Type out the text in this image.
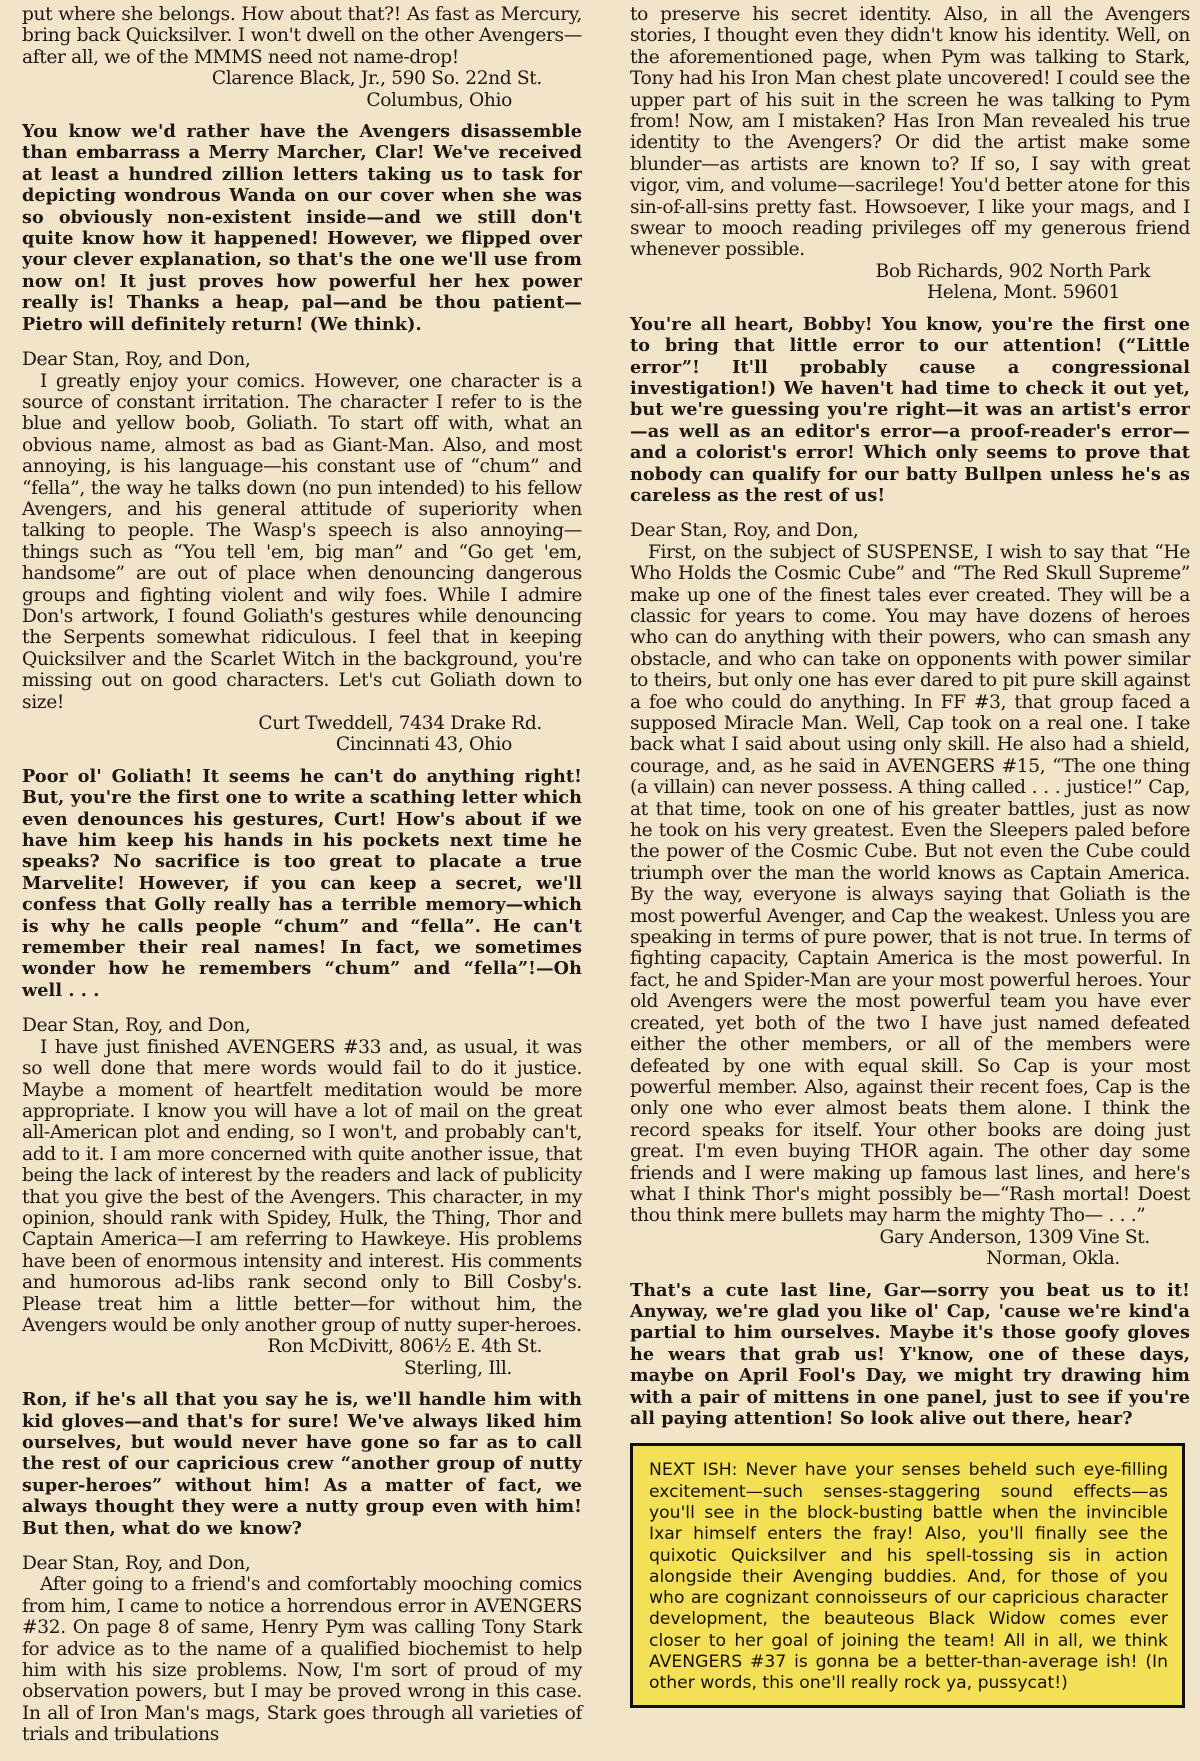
put where she belongs. How about that?! As fast as Mercury, bring back Quicksilver. I won't dwell on the other Avengers—after all, we of the MMMS need not name-drop!

Clarence Black, Jr., 590 So. 22nd St.
Columbus, Ohio
You know we'd rather have the Avengers disassemble than embarrass a Merry Marcher, Clar! We've received at least a hundred zillion letters taking us to task for depicting wondrous Wanda on our cover when she was so obviously non-existent inside—and we still don't quite know how it happened! However, we flipped over your clever explanation, so that's the one we'll use from now on! It just proves how powerful her hex power really is! Thanks a heap, pal—and be thou patient—Pietro will definitely return! (We think).
Dear Stan, Roy, and Don,

I greatly enjoy your comics. However, one character is a source of constant irritation. The character I refer to is the blue and yellow boob, Goliath. To start off with, what an obvious name, almost as bad as Giant-Man. Also, and most annoying, is his language—his constant use of “chum” and “fella”, the way he talks down (no pun intended) to his fellow Avengers, and his general attitude of superiority when talking to people. The Wasp's speech is also annoying—things such as “You tell 'em, big man” and “Go get 'em, handsome” are out of place when denouncing dangerous groups and fighting violent and wily foes. While I admire Don's artwork, I found Goliath's gestures while denouncing the Serpents somewhat ridiculous. I feel that in keeping Quicksilver and the Scarlet Witch in the background, you're missing out on good characters. Let's cut Goliath down to size!

Curt Tweddell, 7434 Drake Rd.
Cincinnati 43, Ohio
Poor ol' Goliath! It seems he can't do anything right! But, you're the first one to write a scathing letter which even denounces his gestures, Curt! How's about if we have him keep his hands in his pockets next time he speaks? No sacrifice is too great to placate a true Marvelite! However, if you can keep a secret, we'll confess that Golly really has a terrible memory—which is why he calls people “chum” and “fella”. He can't remember their real names! In fact, we sometimes wonder how he remembers “chum” and “fella”!—Oh well . . .
Dear Stan, Roy, and Don,

I have just finished AVENGERS #33 and, as usual, it was so well done that mere words would fail to do it justice. Maybe a moment of heartfelt meditation would be more appropriate. I know you will have a lot of mail on the great all-American plot and ending, so I won't, and probably can't, add to it. I am more concerned with quite another issue, that being the lack of interest by the readers and lack of publicity that you give the best of the Avengers. This character, in my opinion, should rank with Spidey, Hulk, the Thing, Thor and Captain America—I am referring to Hawkeye. His problems have been of enormous intensity and interest. His comments and humorous ad-libs rank second only to Bill Cosby's. Please treat him a little better—for without him, the Avengers would be only another group of nutty super-heroes.

Ron McDivitt, 806½ E. 4th St.
Sterling, Ill.
Ron, if he's all that you say he is, we'll handle him with kid gloves—and that's for sure! We've always liked him ourselves, but would never have gone so far as to call the rest of our capricious crew “another group of nutty super-heroes” without him! As a matter of fact, we always thought they were a nutty group even with him! But then, what do we know?
Dear Stan, Roy, and Don,

After going to a friend's and comfortably mooching comics from him, I came to notice a horrendous error in AVENGERS #32. On page 8 of same, Henry Pym was calling Tony Stark for advice as to the name of a qualified biochemist to help him with his size problems. Now, I'm sort of proud of my observation powers, but I may be proved wrong in this case. In all of Iron Man's mags, Stark goes through all varieties of trials and tribulations

to preserve his secret identity. Also, in all the Avengers stories, I thought even they didn't know his identity. Well, on the aforementioned page, when Pym was talking to Stark, Tony had his Iron Man chest plate uncovered! I could see the upper part of his suit in the screen he was talking to Pym from! Now, am I mistaken? Has Iron Man revealed his true identity to the Avengers? Or did the artist make some blunder—as artists are known to? If so, I say with great vigor, vim, and volume—sacrilege! You'd better atone for this sin-of-all-sins pretty fast. Howsoever, I like your mags, and I swear to mooch reading privileges off my generous friend whenever possible.

Bob Richards, 902 North Park
Helena, Mont. 59601
You're all heart, Bobby! You know, you're the first one to bring that little error to our attention! (“Little error”! It'll probably cause a congressional investigation!) We haven't had time to check it out yet, but we're guessing you're right—it was an artist's error—as well as an editor's error—a proof-reader's error—and a colorist's error! Which only seems to prove that nobody can qualify for our batty Bullpen unless he's as careless as the rest of us!
Dear Stan, Roy, and Don,

First, on the subject of SUSPENSE, I wish to say that “He Who Holds the Cosmic Cube” and “The Red Skull Supreme” make up one of the finest tales ever created. They will be a classic for years to come. You may have dozens of heroes who can do anything with their powers, who can smash any obstacle, and who can take on opponents with power similar to theirs, but only one has ever dared to pit pure skill against a foe who could do anything. In FF #3, that group faced a supposed Miracle Man. Well, Cap took on a real one. I take back what I said about using only skill. He also had a shield, courage, and, as he said in AVENGERS #15, “The one thing (a villain) can never possess. A thing called . . . justice!” Cap, at that time, took on one of his greater battles, just as now he took on his very greatest. Even the Sleepers paled before the power of the Cosmic Cube. But not even the Cube could triumph over the man the world knows as Captain America. By the way, everyone is always saying that Goliath is the most powerful Avenger, and Cap the weakest. Unless you are speaking in terms of pure power, that is not true. In terms of fighting capacity, Captain America is the most powerful. In fact, he and Spider-Man are your most powerful heroes. Your old Avengers were the most powerful team you have ever created, yet both of the two I have just named defeated either the other members, or all of the members were defeated by one with equal skill. So Cap is your most powerful member. Also, against their recent foes, Cap is the only one who ever almost beats them alone. I think the record speaks for itself. Your other books are doing just great. I'm even buying THOR again. The other day some friends and I were making up famous last lines, and here's what I think Thor's might possibly be—“Rash mortal! Doest thou think mere bullets may harm the mighty Tho— . . .”

Gary Anderson, 1309 Vine St.
Norman, Okla.
That's a cute last line, Gar—sorry you beat us to it! Anyway, we're glad you like ol' Cap, 'cause we're kind'a partial to him ourselves. Maybe it's those goofy gloves he wears that grab us! Y'know, one of these days, maybe on April Fool's Day, we might try drawing him with a pair of mittens in one panel, just to see if you're all paying attention! So look alive out there, hear?
NEXT ISH: Never have your senses beheld such eye-filling excitement—such senses-staggering sound effects—as you'll see in the block-busting battle when the invincible Ixar himself enters the fray! Also, you'll finally see the quixotic Quicksilver and his spell-tossing sis in action alongside their Avenging buddies. And, for those of you who are cognizant connoisseurs of our capricious character development, the beauteous Black Widow comes ever closer to her goal of joining the team! All in all, we think AVENGERS #37 is gonna be a better-than-average ish! (In other words, this one'll really rock ya, pussycat!)
